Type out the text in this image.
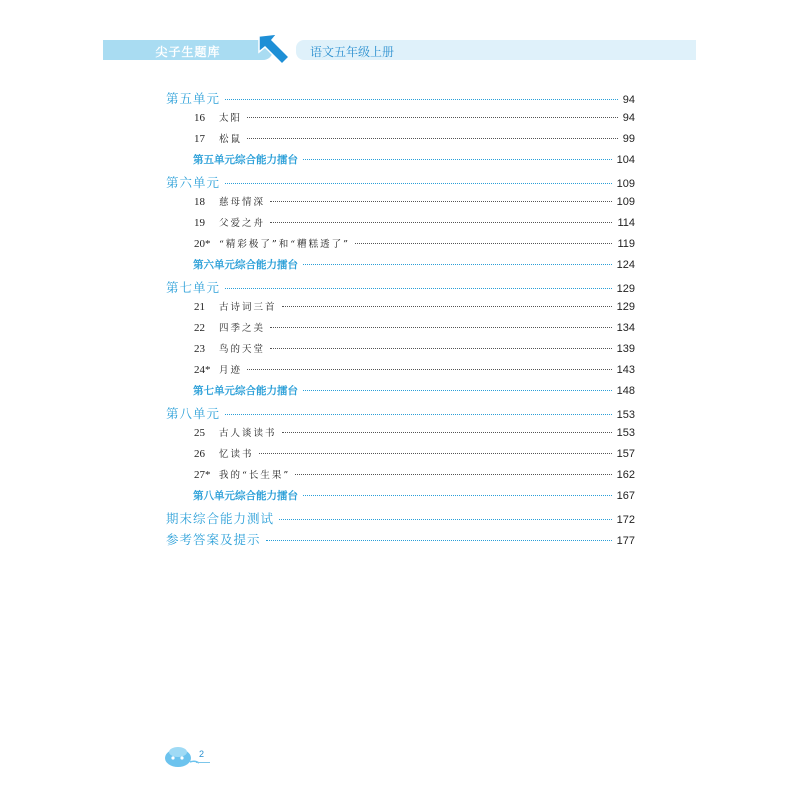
尖子生题库	语文五年级上册
第五单元	94
16 太阳	94
17 松鼠	99
第五单元综合能力擂台	104
第六单元	109
18 慈母情深	109
19 父爱之舟	114
20* “精彩极了”和“糟糕透了”	119
第六单元综合能力擂台	124
第七单元	129
21 古诗词三首	129
22 四季之美	134
23 鸟的天堂	139
24* 月迹	143
第七单元综合能力擂台	148
第八单元	153
25 古人谈读书	153
26 忆读书	157
27* 我的“长生果”	162
第八单元综合能力擂台	167
期末综合能力测试	172
参考答案及提示	177
2
